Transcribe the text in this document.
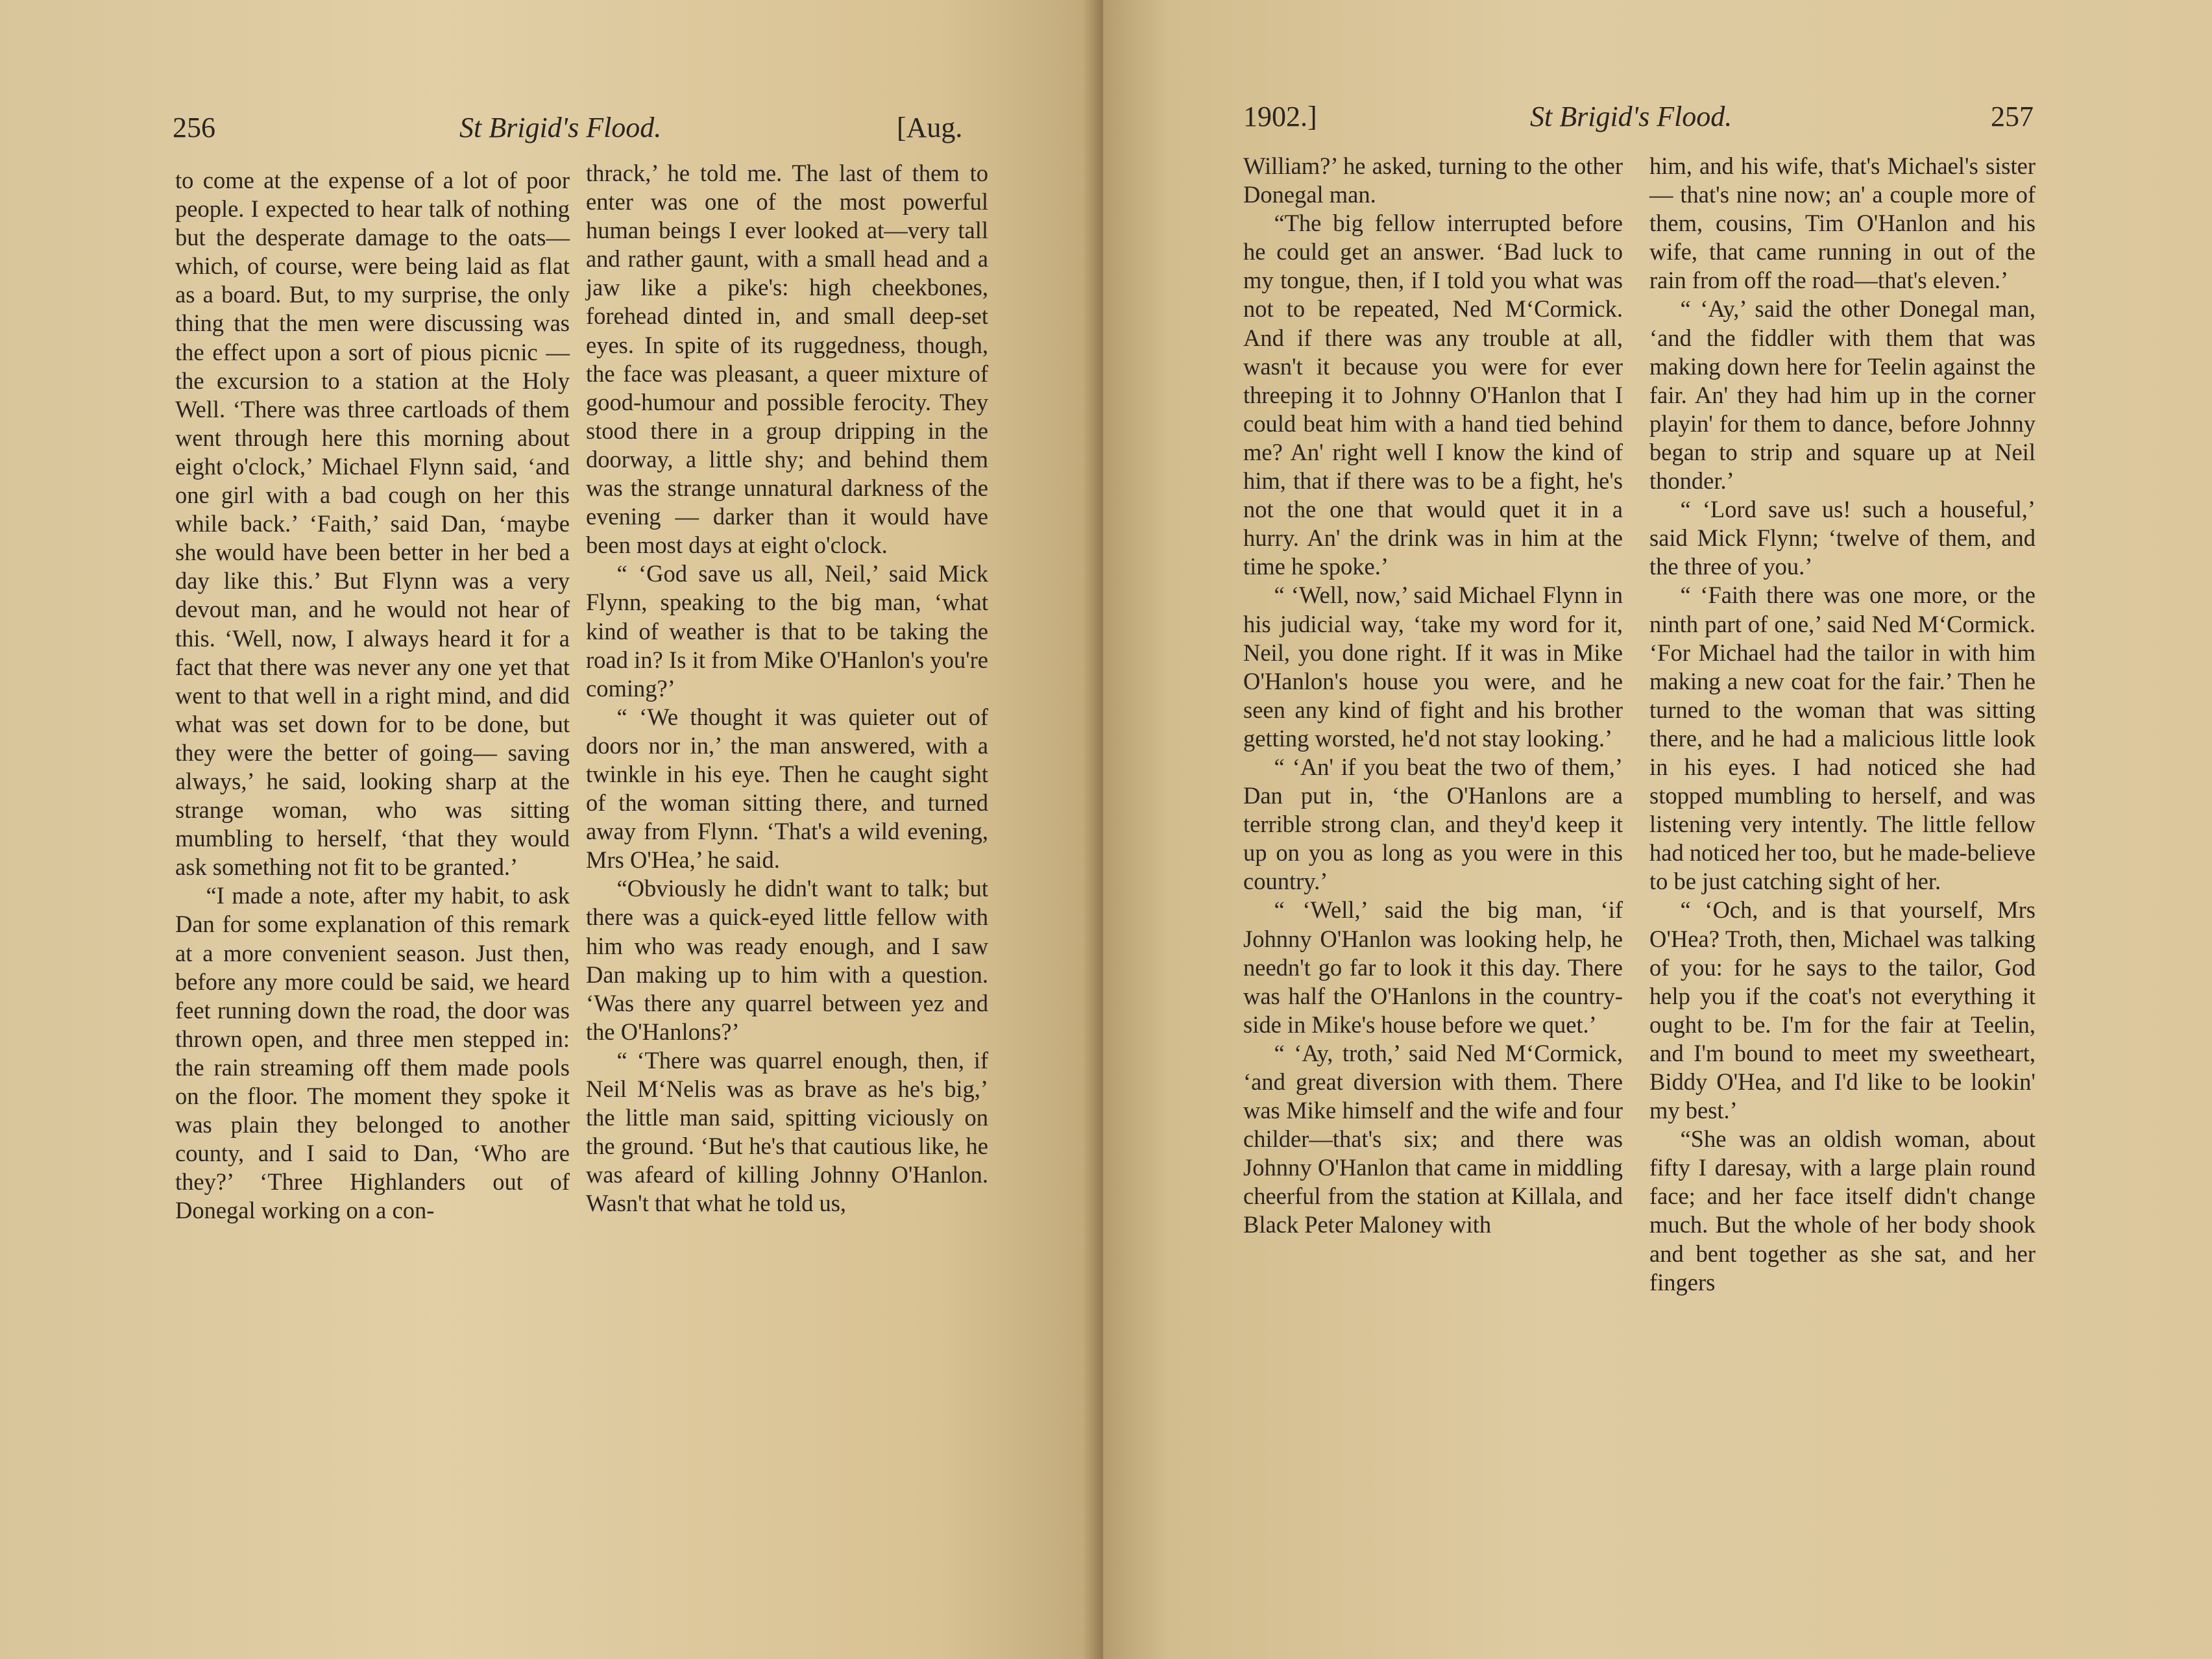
256	St Brigid's Flood.	[Aug.

to come at the expense of a lot of poor people. I expected to hear talk of nothing but the desperate damage to the oats— which, of course, were being laid as flat as a board. But, to my surprise, the only thing that the men were discussing was the effect upon a sort of pious picnic — the excursion to a station at the Holy Well. ‘There was three cartloads of them went through here this morning about eight o'clock,’ Michael Flynn said, ‘and one girl with a bad cough on her this while back.’ ‘Faith,’ said Dan, ‘maybe she would have been better in her bed a day like this.’ But Flynn was a very devout man, and he would not hear of this. ‘Well, now, I always heard it for a fact that there was never any one yet that went to that well in a right mind, and did what was set down for to be done, but they were the better of going— saving always,’ he said, looking sharp at the strange woman, who was sitting mumbling to herself, ‘that they would ask something not fit to be granted.’

“I made a note, after my habit, to ask Dan for some explanation of this remark at a more convenient season. Just then, before any more could be said, we heard feet running down the road, the door was thrown open, and three men stepped in: the rain streaming off them made pools on the floor. The moment they spoke it was plain they belonged to another county, and I said to Dan, ‘Who are they?’ ‘Three Highlanders out of Donegal working on a con-

thrack,’ he told me. The last of them to enter was one of the most powerful human beings I ever looked at—very tall and rather gaunt, with a small head and a jaw like a pike's: high cheekbones, forehead dinted in, and small deep-set eyes. In spite of its ruggedness, though, the face was pleasant, a queer mixture of good-humour and possible ferocity. They stood there in a group dripping in the doorway, a little shy; and behind them was the strange unnatural darkness of the evening — darker than it would have been most days at eight o'clock.

“ ‘God save us all, Neil,’ said Mick Flynn, speaking to the big man, ‘what kind of weather is that to be taking the road in? Is it from Mike O'Hanlon's you're coming?’

“ ‘We thought it was quieter out of doors nor in,’ the man answered, with a twinkle in his eye. Then he caught sight of the woman sitting there, and turned away from Flynn. ‘That's a wild evening, Mrs O'Hea,’ he said.

“Obviously he didn't want to talk; but there was a quick-eyed little fellow with him who was ready enough, and I saw Dan making up to him with a question. ‘Was there any quarrel between yez and the O'Hanlons?’

“ ‘There was quarrel enough, then, if Neil M‘Nelis was as brave as he's big,’ the little man said, spitting viciously on the ground. ‘But he's that cautious like, he was afeard of killing Johnny O'Hanlon. Wasn't that what he told us,

1902.]	St Brigid's Flood.	257

William?’ he asked, turning to the other Donegal man.

“The big fellow interrupted before he could get an answer. ‘Bad luck to my tongue, then, if I told you what was not to be repeated, Ned M‘Cormick. And if there was any trouble at all, wasn't it because you were for ever threeping it to Johnny O'Hanlon that I could beat him with a hand tied behind me? An' right well I know the kind of him, that if there was to be a fight, he's not the one that would quet it in a hurry. An' the drink was in him at the time he spoke.’

“ ‘Well, now,’ said Michael Flynn in his judicial way, ‘take my word for it, Neil, you done right. If it was in Mike O'Hanlon's house you were, and he seen any kind of fight and his brother getting worsted, he'd not stay looking.’

“ ‘An' if you beat the two of them,’ Dan put in, ‘the O'Hanlons are a terrible strong clan, and they'd keep it up on you as long as you were in this country.’

“ ‘Well,’ said the big man, ‘if Johnny O'Hanlon was looking help, he needn't go far to look it this day. There was half the O'Hanlons in the country-side in Mike's house before we quet.’

“ ‘Ay, troth,’ said Ned M‘Cormick, ‘and great diversion with them. There was Mike himself and the wife and four childer—that's six; and there was Johnny O'Hanlon that came in middling cheerful from the station at Killala, and Black Peter Maloney with

him, and his wife, that's Michael's sister — that's nine now; an' a couple more of them, cousins, Tim O'Hanlon and his wife, that came running in out of the rain from off the road—that's eleven.’

“ ‘Ay,’ said the other Donegal man, ‘and the fiddler with them that was making down here for Teelin against the fair. An' they had him up in the corner playin' for them to dance, before Johnny began to strip and square up at Neil thonder.’

“ ‘Lord save us! such a houseful,’ said Mick Flynn; ‘twelve of them, and the three of you.’

“ ‘Faith there was one more, or the ninth part of one,’ said Ned M‘Cormick. ‘For Michael had the tailor in with him making a new coat for the fair.’ Then he turned to the woman that was sitting there, and he had a malicious little look in his eyes. I had noticed she had stopped mumbling to herself, and was listening very intently. The little fellow had noticed her too, but he made-believe to be just catching sight of her.

“ ‘Och, and is that yourself, Mrs O'Hea? Troth, then, Michael was talking of you: for he says to the tailor, God help you if the coat's not everything it ought to be. I'm for the fair at Teelin, and I'm bound to meet my sweetheart, Biddy O'Hea, and I'd like to be lookin' my best.’

“She was an oldish woman, about fifty I daresay, with a large plain round face; and her face itself didn't change much. But the whole of her body shook and bent together as she sat, and her fingers
